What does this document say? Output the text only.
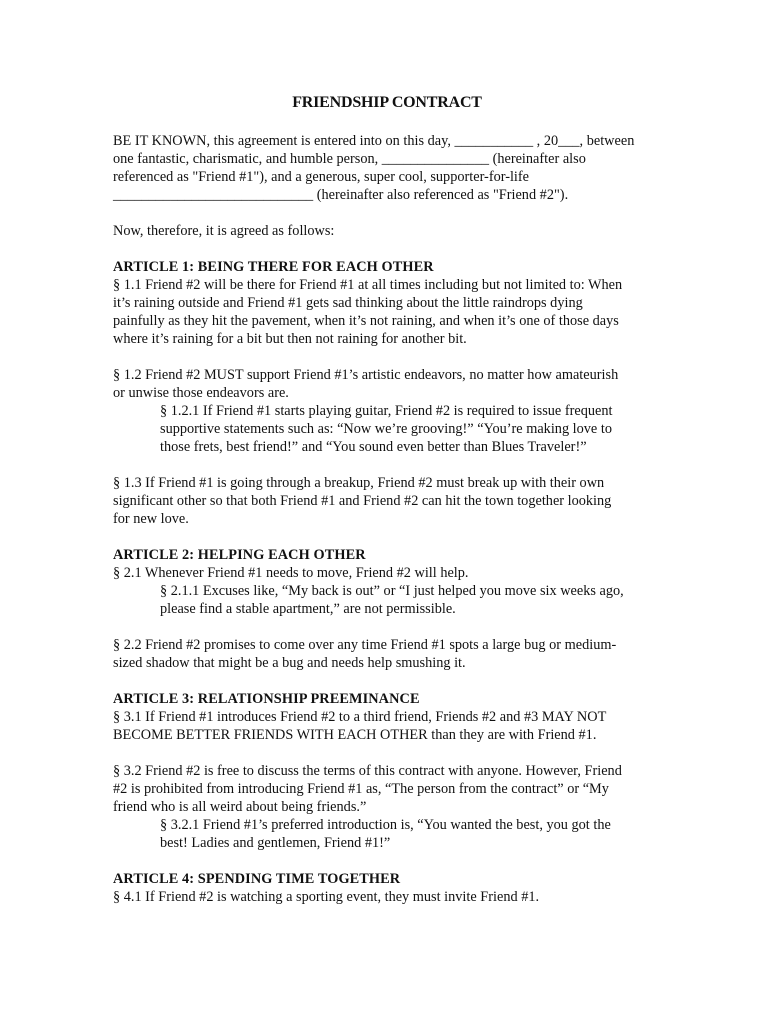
FRIENDSHIP CONTRACT
BE IT KNOWN, this agreement is entered into on this day, ___________ , 20___, between
one fantastic, charismatic, and humble person, _______________ (hereinafter also
referenced as "Friend #1"), and a generous, super cool, supporter-for-life
____________________________ (hereinafter also referenced as "Friend #2").
Now, therefore, it is agreed as follows:
ARTICLE 1: BEING THERE FOR EACH OTHER
§ 1.1 Friend #2 will be there for Friend #1 at all times including but not limited to: When
it’s raining outside and Friend #1 gets sad thinking about the little raindrops dying
painfully as they hit the pavement, when it’s not raining, and when it’s one of those days
where it’s raining for a bit but then not raining for another bit.
§ 1.2 Friend #2 MUST support Friend #1’s artistic endeavors, no matter how amateurish
or unwise those endeavors are.
§ 1.2.1 If Friend #1 starts playing guitar, Friend #2 is required to issue frequent
supportive statements such as: “Now we’re grooving!” “You’re making love to
those frets, best friend!” and “You sound even better than Blues Traveler!”
§ 1.3 If Friend #1 is going through a breakup, Friend #2 must break up with their own
significant other so that both Friend #1 and Friend #2 can hit the town together looking
for new love.
ARTICLE 2: HELPING EACH OTHER
§ 2.1 Whenever Friend #1 needs to move, Friend #2 will help.
§ 2.1.1 Excuses like, “My back is out” or “I just helped you move six weeks ago,
please find a stable apartment,” are not permissible.
§ 2.2 Friend #2 promises to come over any time Friend #1 spots a large bug or medium-
sized shadow that might be a bug and needs help smushing it.
ARTICLE 3: RELATIONSHIP PREEMINANCE
§ 3.1 If Friend #1 introduces Friend #2 to a third friend, Friends #2 and #3 MAY NOT
BECOME BETTER FRIENDS WITH EACH OTHER than they are with Friend #1.
§ 3.2 Friend #2 is free to discuss the terms of this contract with anyone. However, Friend
#2 is prohibited from introducing Friend #1 as, “The person from the contract” or “My
friend who is all weird about being friends.”
§ 3.2.1 Friend #1’s preferred introduction is, “You wanted the best, you got the
best! Ladies and gentlemen, Friend #1!”
ARTICLE 4: SPENDING TIME TOGETHER
§ 4.1 If Friend #2 is watching a sporting event, they must invite Friend #1.
